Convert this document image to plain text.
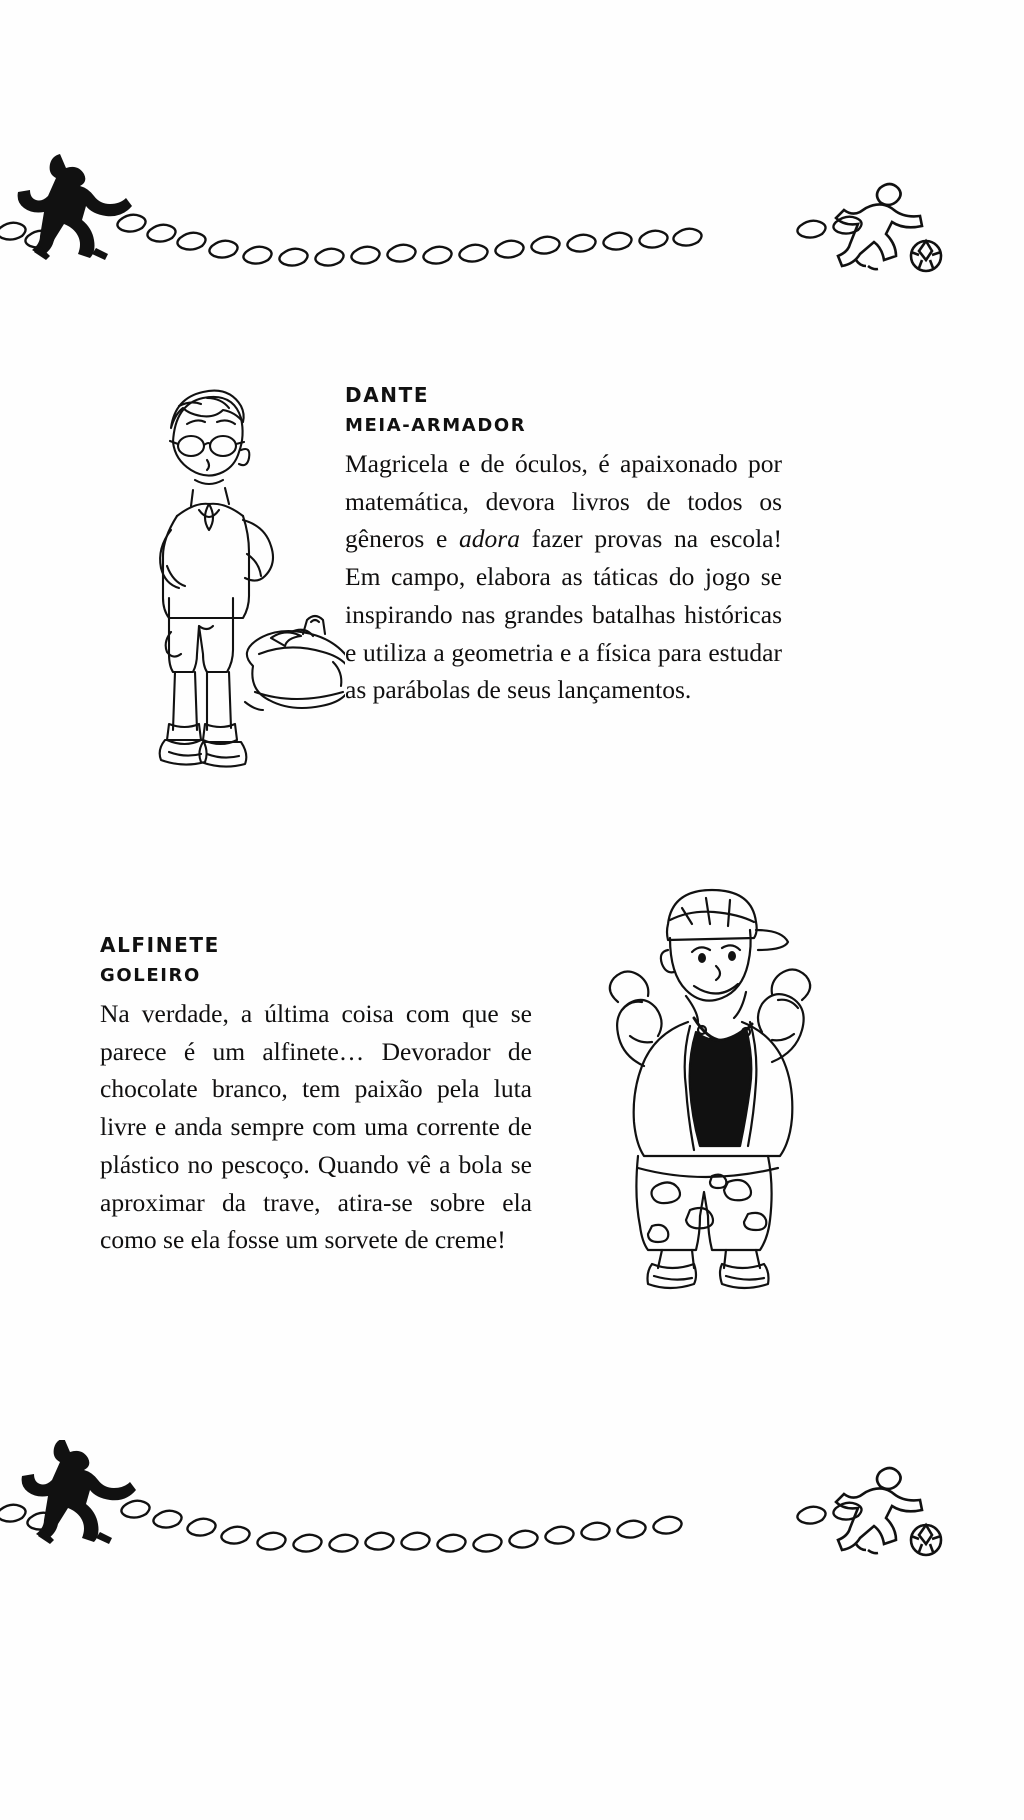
DANTE

MEIA-ARMADOR

Magricela e de óculos, é apaixonado por matemática, devora livros de todos os gêneros e adora fazer provas na escola! Em campo, elabora as táticas do jogo se inspirando nas grandes batalhas históricas e utiliza a geometria e a física para estudar as parábolas de seus lançamentos.

ALFINETE

GOLEIRO

Na verdade, a última coisa com que se parece é um alfinete… Devorador de chocolate branco, tem paixão pela luta livre e anda sempre com uma corrente de plástico no pescoço. Quando vê a bola se aproximar da trave, atira-se sobre ela como se ela fosse um sorvete de creme!
